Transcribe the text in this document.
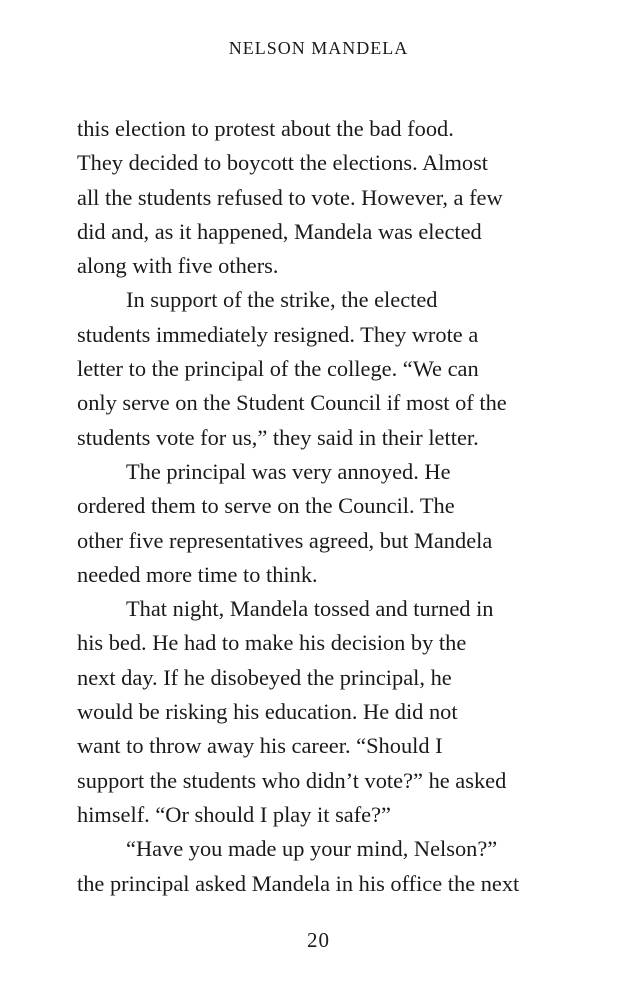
NELSON MANDELA

this election to protest about the bad food.
They decided to boycott the elections. Almost
all the students refused to vote. However, a few
did and, as it happened, Mandela was elected
along with five others.

In support of the strike, the elected
students immediately resigned. They wrote a
letter to the principal of the college. “We can
only serve on the Student Council if most of the
students vote for us,” they said in their letter.

The principal was very annoyed. He
ordered them to serve on the Council. The
other five representatives agreed, but Mandela
needed more time to think.

That night, Mandela tossed and turned in
his bed. He had to make his decision by the
next day. If he disobeyed the principal, he
would be risking his education. He did not
want to throw away his career. “Should I
support the students who didn’t vote?” he asked
himself. “Or should I play it safe?”

“Have you made up your mind, Nelson?”
the principal asked Mandela in his office the next

20
